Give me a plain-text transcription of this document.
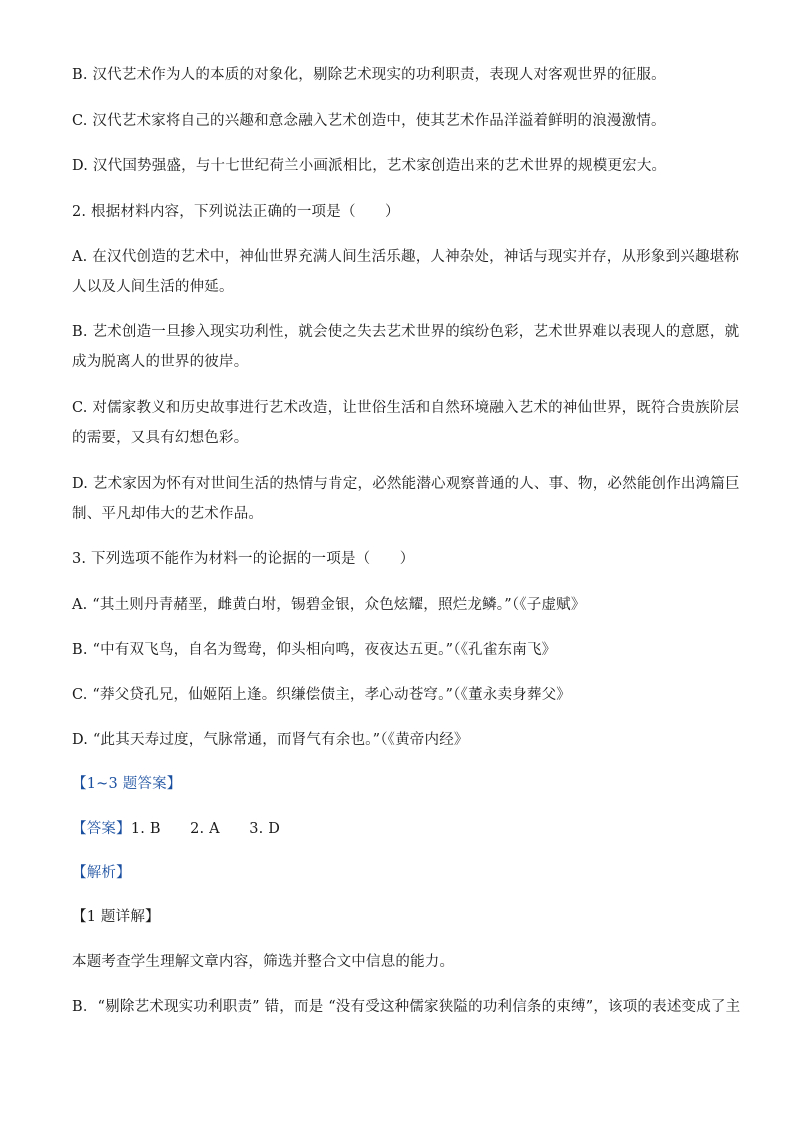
B. 汉代艺术作为人的本质的对象化，剔除艺术现实的功利职责，表现人对客观世界的征服。
C. 汉代艺术家将自己的兴趣和意念融入艺术创造中，使其艺术作品洋溢着鲜明的浪漫激情。
D. 汉代国势强盛，与十七世纪荷兰小画派相比，艺术家创造出来的艺术世界的规模更宏大。
2. 根据材料内容，下列说法正确的一项是（　　）
A. 在汉代创造的艺术中，神仙世界充满人间生活乐趣，人神杂处，神话与现实并存，从形象到兴趣堪称
人以及人间生活的伸延。
B. 艺术创造一旦掺入现实功利性，就会使之失去艺术世界的缤纷色彩，艺术世界难以表现人的意愿，就
成为脱离人的世界的彼岸。
C. 对儒家教义和历史故事进行艺术改造，让世俗生活和自然环境融入艺术的神仙世界，既符合贵族阶层
的需要，又具有幻想色彩。
D. 艺术家因为怀有对世间生活的热情与肯定，必然能潜心观察普通的人、事、物，必然能创作出鸿篇巨
制、平凡却伟大的艺术作品。
3. 下列选项不能作为材料一的论据的一项是（　　）
A. “其土则丹青赭垩，雌黄白坿，锡碧金银，众色炫耀，照烂龙鳞。”（《子虚赋》
B. “中有双飞鸟，自名为鸳鸯，仰头相向鸣，夜夜达五更。”（《孔雀东南飞》
C. “莽父贷孔兄，仙姬陌上逢。织缣偿债主，孝心动苍穹。”（《董永卖身葬父》
D. “此其天寿过度，气脉常通，而肾气有余也。”（《黄帝内经》
【1~3 题答案】
【答案】1. B　　2. A　　3. D
【解析】
【1 题详解】
本题考查学生理解文章内容，筛选并整合文中信息的能力。
B．“剔除艺术现实功利职责” 错，而是 “没有受这种儒家狭隘的功利信条的束缚”，该项的表述变成了主
